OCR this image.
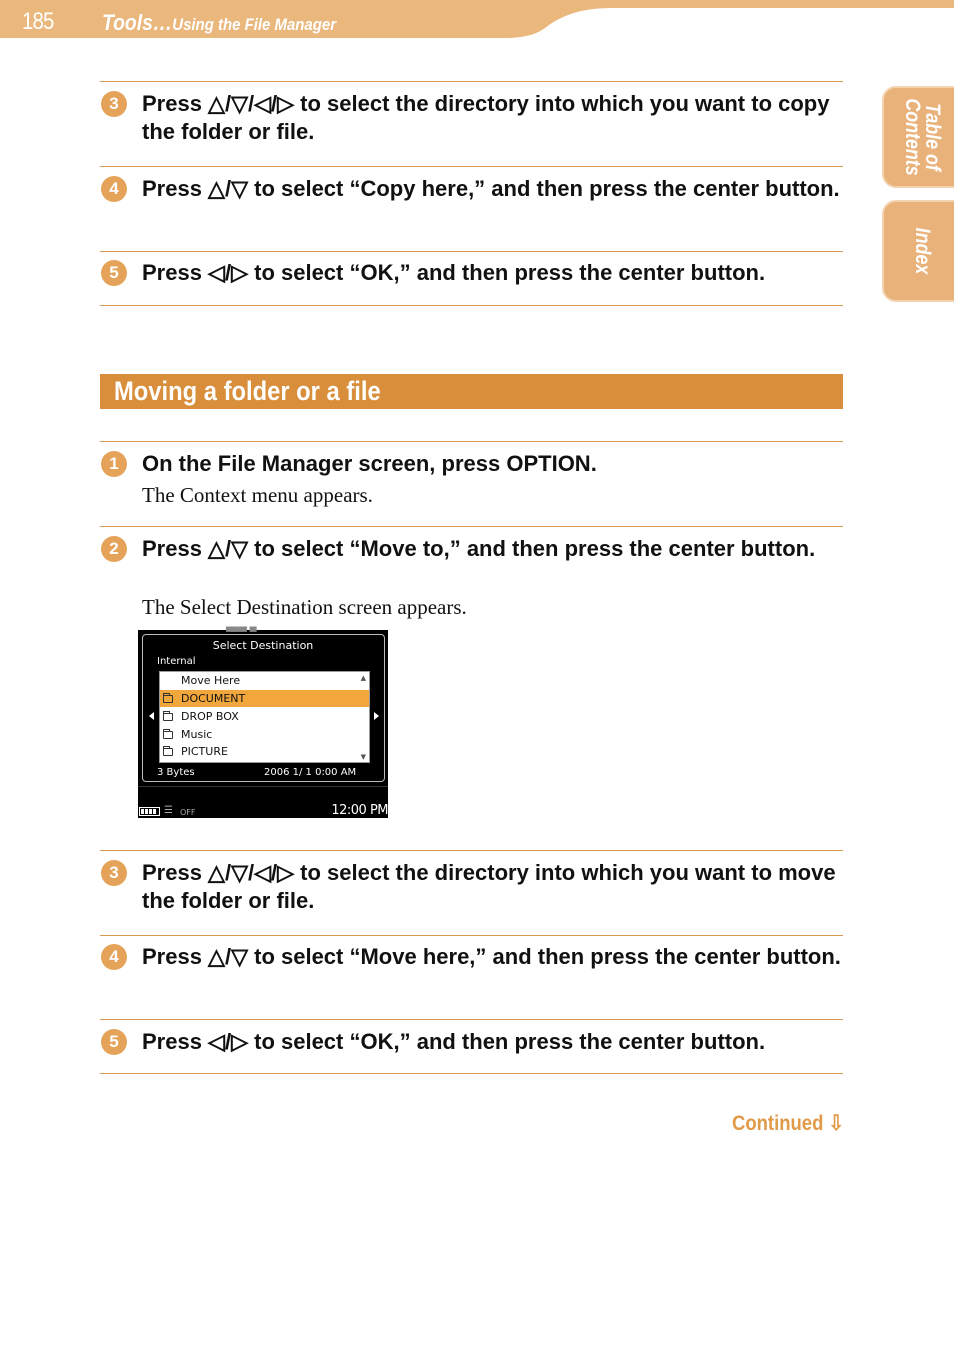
185 Tools…Using the File Manager
Table of
Contents
Index
3	Press △/▽/◁/▷ to select the directory into which you want to copy the folder or file.
4	Press △/▽ to select “Copy here,” and then press the center button.
5	Press ◁/▷ to select “OK,” and then press the center button.
Moving a folder or a file
1	On the File Manager screen, press OPTION.
The Context menu appears.
2	Press △/▽ to select “Move to,” and then press the center button.
The Select Destination screen appears.
▀▀▀ ▀
Select Destination
Internal
Move Here
DOCUMENT
DROP BOX
Music
PICTURE
▲
▼
3 Bytes	2006 1/ 1 0:00 AM
☰ OFF	12:00 PM
3	Press △/▽/◁/▷ to select the directory into which you want to move the folder or file.
4	Press △/▽ to select “Move here,” and then press the center button.
5	Press ◁/▷ to select “OK,” and then press the center button.
Continued ⇩
